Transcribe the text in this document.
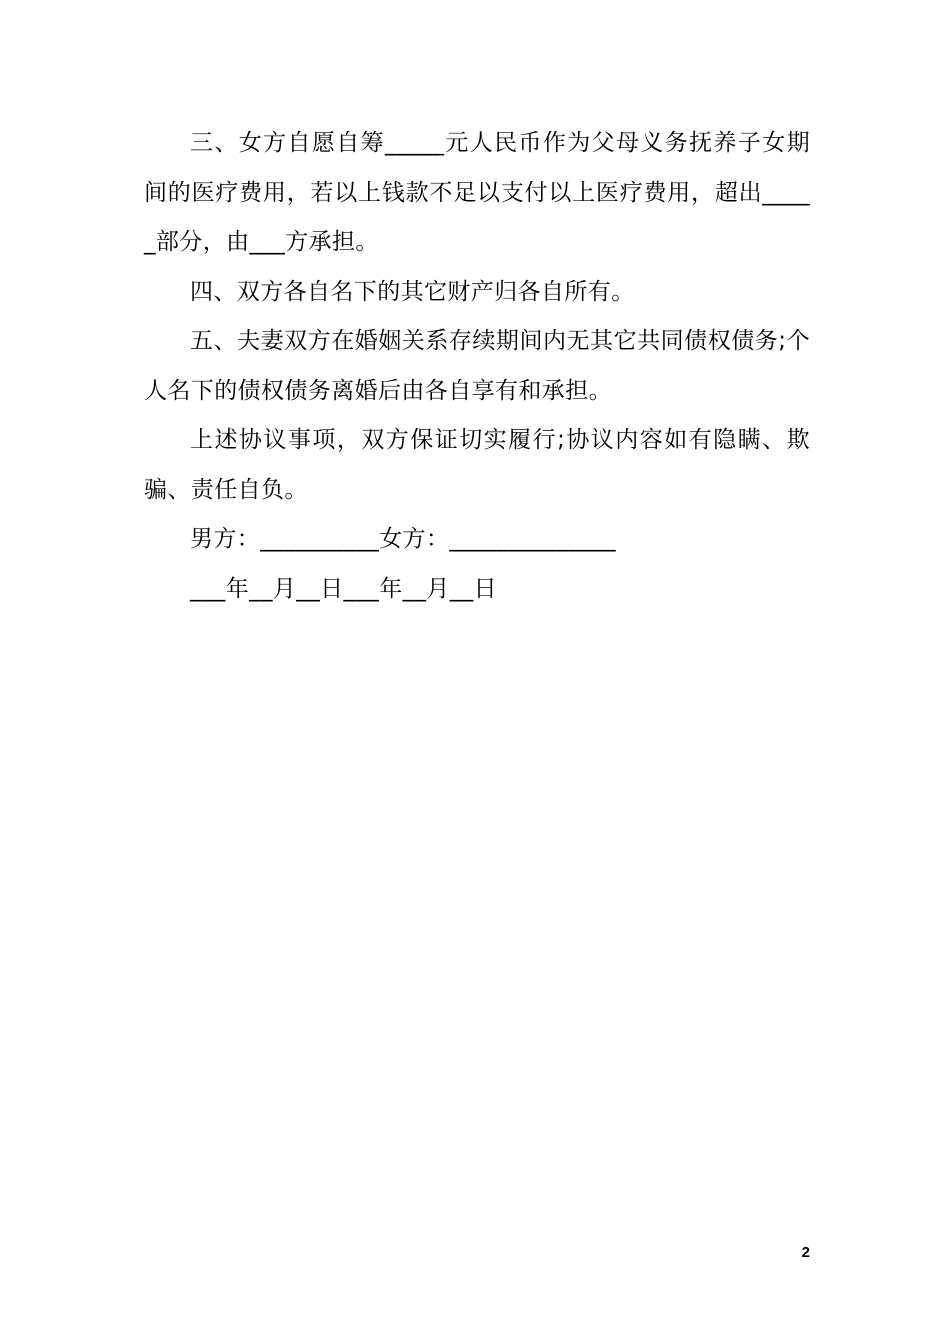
三、女方自愿自筹_____元人民币作为父母义务抚养子女期间的医疗费用，若以上钱款不足以支付以上医疗费用，超出_____部分，由___方承担。

四、双方各自名下的其它财产归各自所有。

五、夫妻双方在婚姻关系存续期间内无其它共同债权债务;个人名下的债权债务离婚后由各自享有和承担。

上述协议事项，双方保证切实履行;协议内容如有隐瞒、欺骗、责任自负。

男方：__________女方：______________

___年__月__日___年__月__日

2
